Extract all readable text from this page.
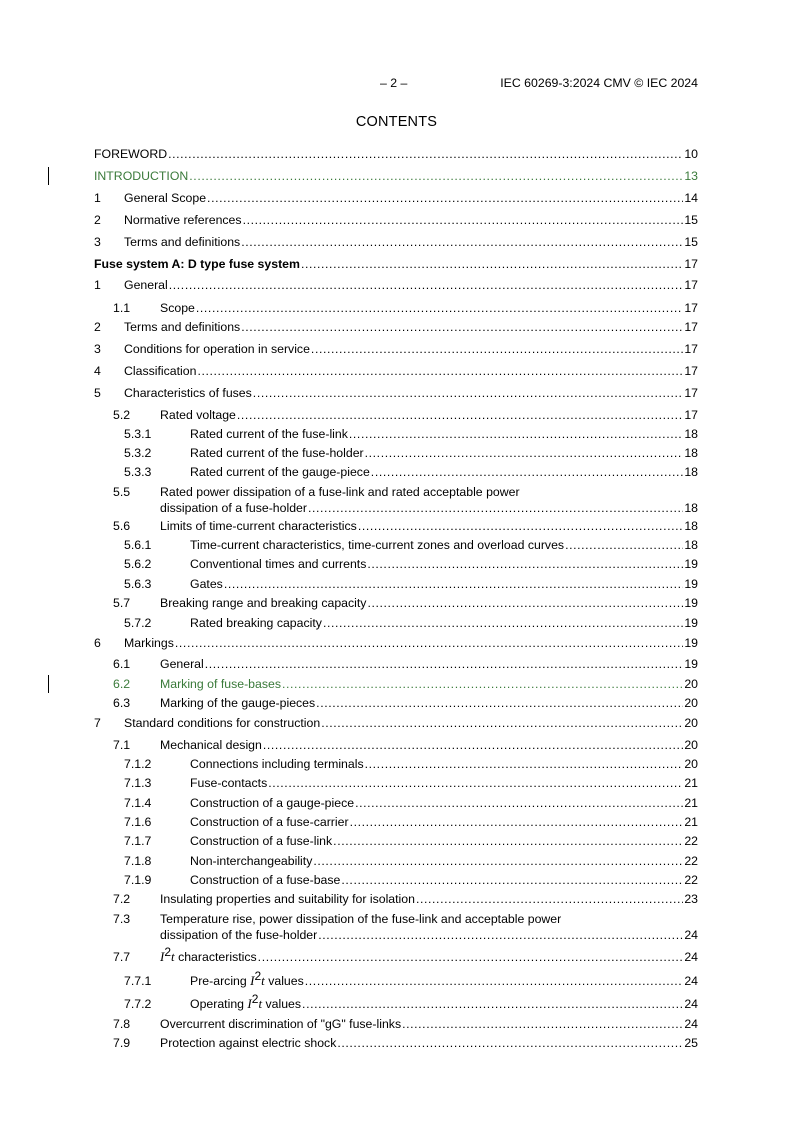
– 2 –	IEC 60269-3:2024 CMV © IEC 2024
CONTENTS
FOREWORD .....	10
INTRODUCTION .....	13
1 General Scope .....	14
2 Normative references .....	15
3 Terms and definitions .....	15
Fuse system A: D type fuse system .....	17
1 General .....	17
1.1 Scope .....	17
2 Terms and definitions .....	17
3 Conditions for operation in service .....	17
4 Classification .....	17
5 Characteristics of fuses .....	17
5.2 Rated voltage .....	17
5.3.1	Rated current of the fuse-link .....	18
5.3.2	Rated current of the fuse-holder .....	18
5.3.3	Rated current of the gauge-piece .....	18
5.5 Rated power dissipation of a fuse-link and rated acceptable power
dissipation of a fuse-holder .....	18
5.6 Limits of time-current characteristics .....	18
5.6.1	Time-current characteristics, time-current zones and overload curves .....	18
5.6.2	Conventional times and currents .....	19
5.6.3	Gates .....	19
5.7 Breaking range and breaking capacity .....	19
5.7.2	Rated breaking capacity .....	19
6 Markings .....	19
6.1 General .....	19
6.2 Marking of fuse-bases .....	20
6.3 Marking of the gauge-pieces .....	20
7 Standard conditions for construction .....	20
7.1 Mechanical design .....	20
7.1.2	Connections including terminals .....	20
7.1.3	Fuse-contacts .....	21
7.1.4	Construction of a gauge-piece .....	21
7.1.6	Construction of a fuse-carrier .....	21
7.1.7	Construction of a fuse-link .....	22
7.1.8	Non-interchangeability .....	22
7.1.9	Construction of a fuse-base .....	22
7.2 Insulating properties and suitability for isolation .....	23
7.3 Temperature rise, power dissipation of the fuse-link and acceptable power
dissipation of the fuse-holder .....	24
7.7 $I^2t$ characteristics .....	24
7.7.1	Pre-arcing $I^2t$ values .....	24
7.7.2	Operating $I^2t$ values .....	24
7.8 Overcurrent discrimination of "gG" fuse-links .....	24
7.9 Protection against electric shock .....	25
